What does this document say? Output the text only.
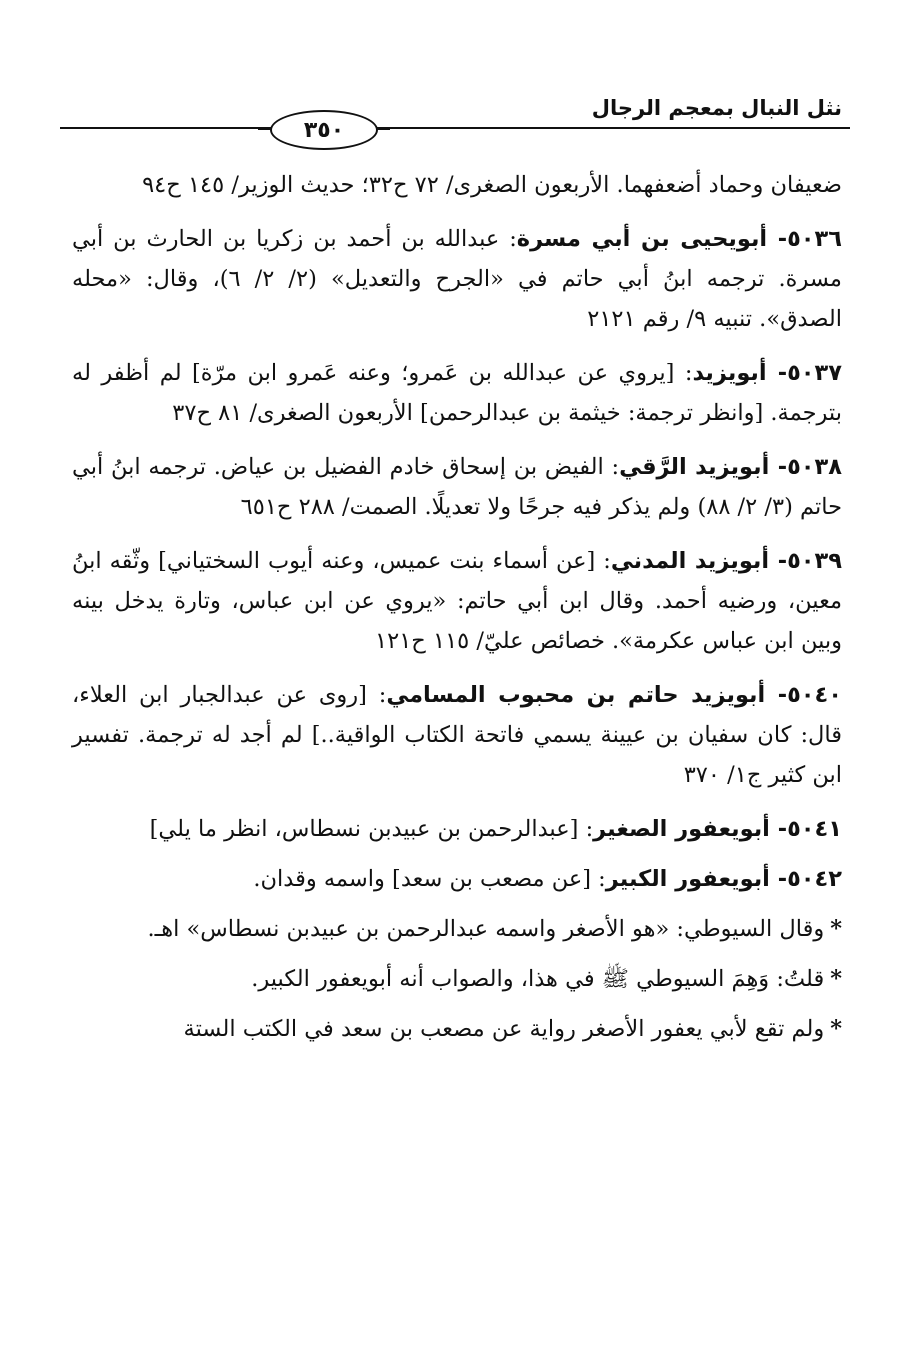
نثل النبال بمعجم الرجال
٣٥٠

ضعيفان وحماد أضعفهما. الأربعون الصغرى/ ٧٢ ح٣٢؛ حديث الوزير/ ١٤٥ ح٩٤

٥٠٣٦- أبويحيى بن أبي مسرة: عبدالله بن أحمد بن زكريا بن الحارث بن أبي مسرة. ترجمه ابنُ أبي حاتم في «الجرح والتعديل» (٢/ ٢/ ٦)، وقال: «محله الصدق». تنبيه ٩/ رقم ٢١٢١

٥٠٣٧- أبويزيد: [يروي عن عبدالله بن عَمرو؛ وعنه عَمرو ابن مرّة] لم أظفر له بترجمة. [وانظر ترجمة: خيثمة بن عبدالرحمن] الأربعون الصغرى/ ٨١ ح٣٧

٥٠٣٨- أبويزيد الرَّقي: الفيض بن إسحاق خادم الفضيل بن عياض. ترجمه ابنُ أبي حاتم (٣/ ٢/ ٨٨) ولم يذكر فيه جرحًا ولا تعديلًا. الصمت/ ٢٨٨ ح٦٥١

٥٠٣٩- أبويزيد المدني: [عن أسماء بنت عميس، وعنه أيوب السختياني] وثّقه ابنُ معين، ورضيه أحمد. وقال ابن أبي حاتم: «يروي عن ابن عباس، وتارة يدخل بينه وبين ابن عباس عكرمة». خصائص عليّ/ ١١٥ ح١٢١

٥٠٤٠- أبويزيد حاتم بن محبوب المسامي: [روى عن عبدالجبار ابن العلاء، قال: كان سفيان بن عيينة يسمي فاتحة الكتاب الواقية..] لم أجد له ترجمة. تفسير ابن كثير ج١/ ٣٧٠

٥٠٤١- أبويعفور الصغير: [عبدالرحمن بن عبيدبن نسطاس، انظر ما يلي]

٥٠٤٢- أبويعفور الكبير: [عن مصعب بن سعد] واسمه وقدان.

*وقال السيوطي: «هو الأصغر واسمه عبدالرحمن بن عبيدبن نسطاس» اهـ.

*قلتُ: وَهِمَ السيوطي ﷺ في هذا، والصواب أنه أبويعفور الكبير.

*ولم تقع لأبي يعفور الأصغر رواية عن مصعب بن سعد في الكتب الستة
